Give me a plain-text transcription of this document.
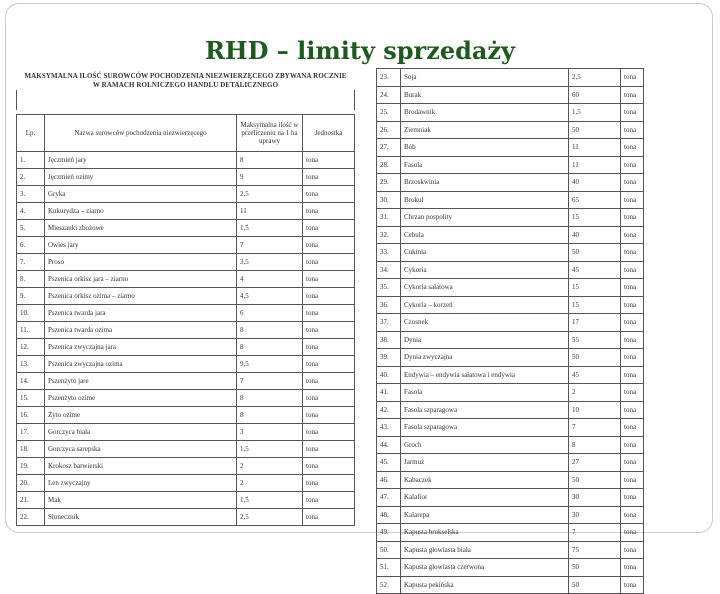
RHD – limity sprzedaży
MAKSYMALNA ILOŚĆ SUROWCÓW POCHODZENIA NIEZWIERZĘCEGO ZBYWANA ROCZNIE
W RAMACH ROLNICZEGO HANDLU DETALICZNEGO
Lp.	Nazwa surowców pochodzenia niezwierzęcego	Maksymalna ilość w przeliczeniu na 1 ha uprawy	Jednostka
1.	Jęczmień jary	8	tona
2.	Jęczmień ozimy	9	tona
3.	Gryka	2,5	tona
4.	Kukurydza – ziarno	11	tona
5.	Mieszanki zbożowe	1,5	tona
6.	Owies jary	7	tona
7.	Proso	3,5	tona
8.	Pszenica orkisz jara – ziarno	4	tona
9.	Pszenica orkisz ozima – ziarno	4,5	tona
10.	Pszenica twarda jara	6	tona
11.	Pszenica twarda ozima	8	tona
12.	Pszenica zwyczajna jara	8	tona
13.	Pszenica zwyczajna ozima	9,5	tona
14.	Pszenżyto jare	7	tona
15.	Pszenżyto ozime	8	tona
16.	Żyto ozime	8	tona
17.	Gorczyca biała	3	tona
18.	Gorczyca sarepska	1,5	tona
19.	Krokosz barwierski	2	tona
20.	Len zwyczajny	2	tona
21.	Mak	1,5	tona
22.	Słonecznik	2,5	tona
23.	Soja	2,5	tona
24.	Burak	60	tona
25.	Brodawnik	1,5	tona
26.	Ziemniak	50	tona
27.	Bób	11	tona
28.	Fasola	11	tona
29.	Brzoskwinia	40	tona
30.	Brokuł	65	tona
31.	Chrzan pospolity	15	tona
32.	Cebula	40	tona
33.	Cukinia	50	tona
34.	Cykoria	45	tona
35.	Cykoria sałatowa	15	tona
36.	Cykoria – korzeń	15	tona
37.	Czosnek	17	tona
38.	Dynia	55	tona
39.	Dynia zwyczajna	50	tona
40.	Endywia – endywia sałatowa i endywia	45	tona
41.	Fasola	2	tona
42.	Fasola szparagowa	10	tona
43.	Fasola szparagowa	7	tona
44.	Groch	8	tona
45.	Jarmuż	27	tona
46.	Kabaczek	50	tona
47.	Kalafior	30	tona
48.	Kalarepa	30	tona
49.	Kapusta brukselska	7	tona
50.	Kapusta głowiasta biała	75	tona
51.	Kapusta głowiasta czerwona	50	tona
52.	Kapusta pekińska	50	tona
